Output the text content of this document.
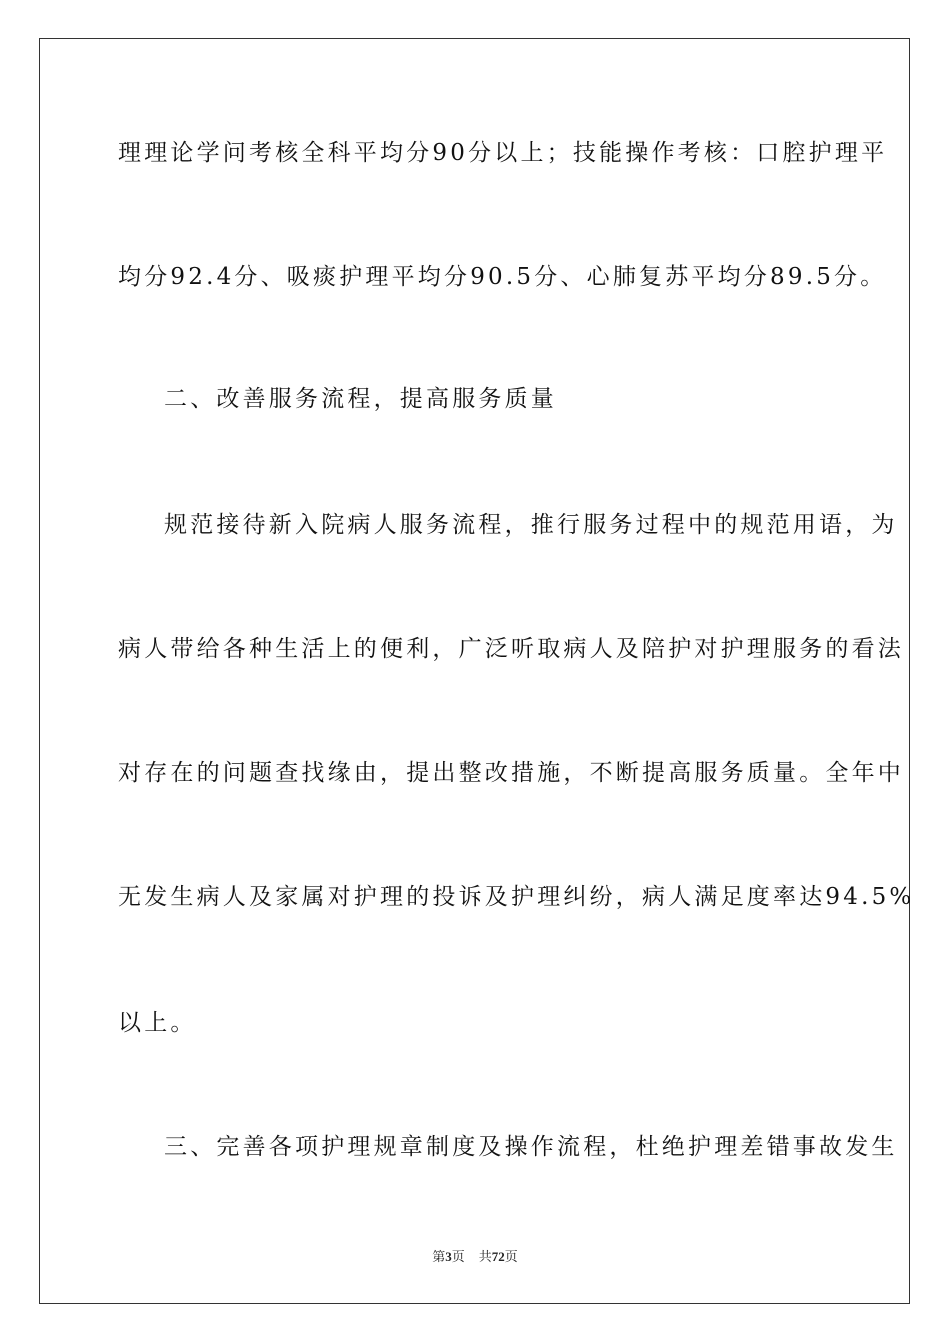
理理论学问考核全科平均分90分以上；技能操作考核：口腔护理平
均分92.4分、吸痰护理平均分90.5分、心肺复苏平均分89.5分。
二、改善服务流程，提高服务质量
规范接待新入院病人服务流程，推行服务过程中的规范用语，为
病人带给各种生活上的便利，广泛听取病人及陪护对护理服务的看法
对存在的问题查找缘由，提出整改措施，不断提高服务质量。全年中
无发生病人及家属对护理的投诉及护理纠纷，病人满足度率达94.5%
以上。
三、完善各项护理规章制度及操作流程，杜绝护理差错事故发生
第3页 共72页
